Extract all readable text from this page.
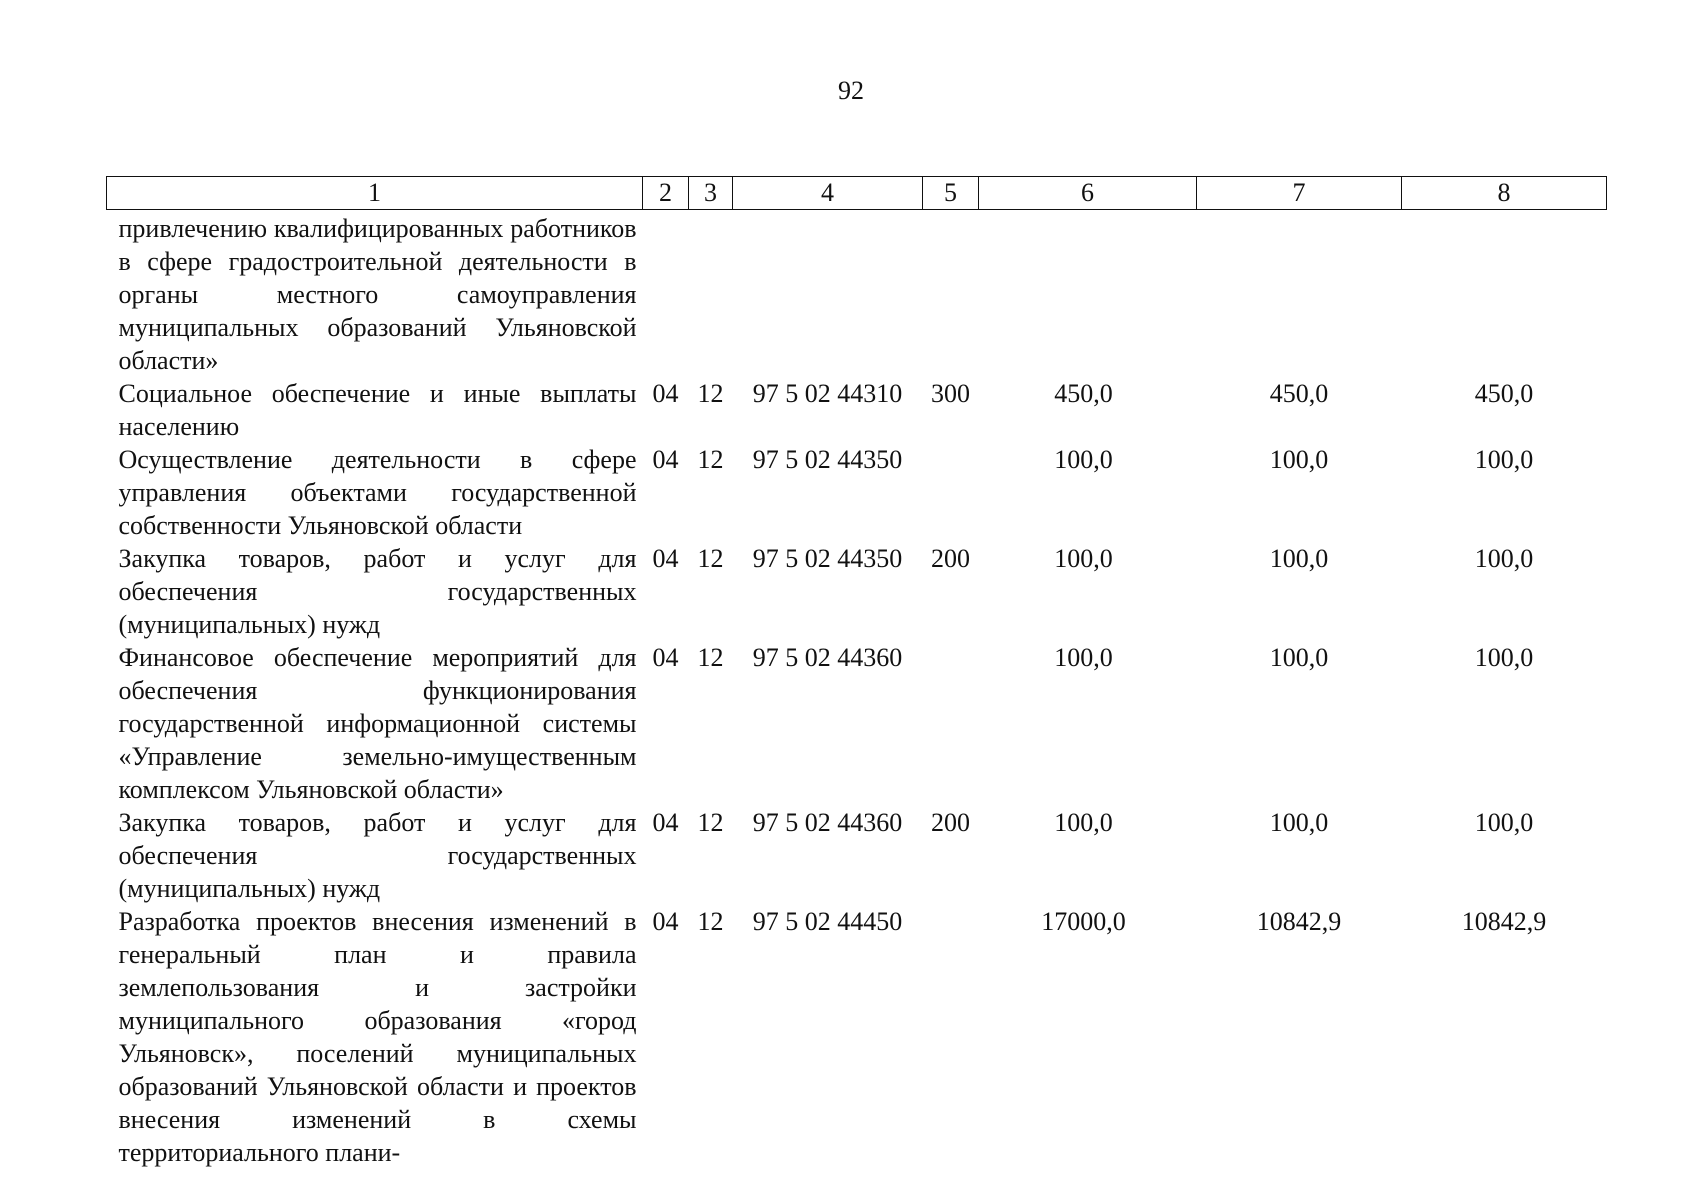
92
1	2	3	4	5	6	7	8
привлечению квалифицированных работников в сфере градостроительной деятельности в органы местного самоуправления муниципальных образований Ульяновской области»							
Социальное обеспечение и иные выплаты населению	04	12	97 5 02 44310	300	450,0	450,0	450,0
Осуществление деятельности в сфере управления объектами государственной собственности Ульяновской области	04	12	97 5 02 44350		100,0	100,0	100,0
Закупка товаров, работ и услуг для обеспечения государственных (муниципальных) нужд	04	12	97 5 02 44350	200	100,0	100,0	100,0
Финансовое обеспечение мероприятий для обеспечения функционирования государственной информационной системы «Управление земельно-имущественным комплексом Ульяновской области»	04	12	97 5 02 44360		100,0	100,0	100,0
Закупка товаров, работ и услуг для обеспечения государственных (муниципальных) нужд	04	12	97 5 02 44360	200	100,0	100,0	100,0
Разработка проектов внесения изменений в генеральный план и правила землепользования и застройки муниципального образования «город Ульяновск», поселений муниципальных образований Ульяновской области и проектов внесения изменений в схемы территориального плани-	04	12	97 5 02 44450		17000,0	10842,9	10842,9
